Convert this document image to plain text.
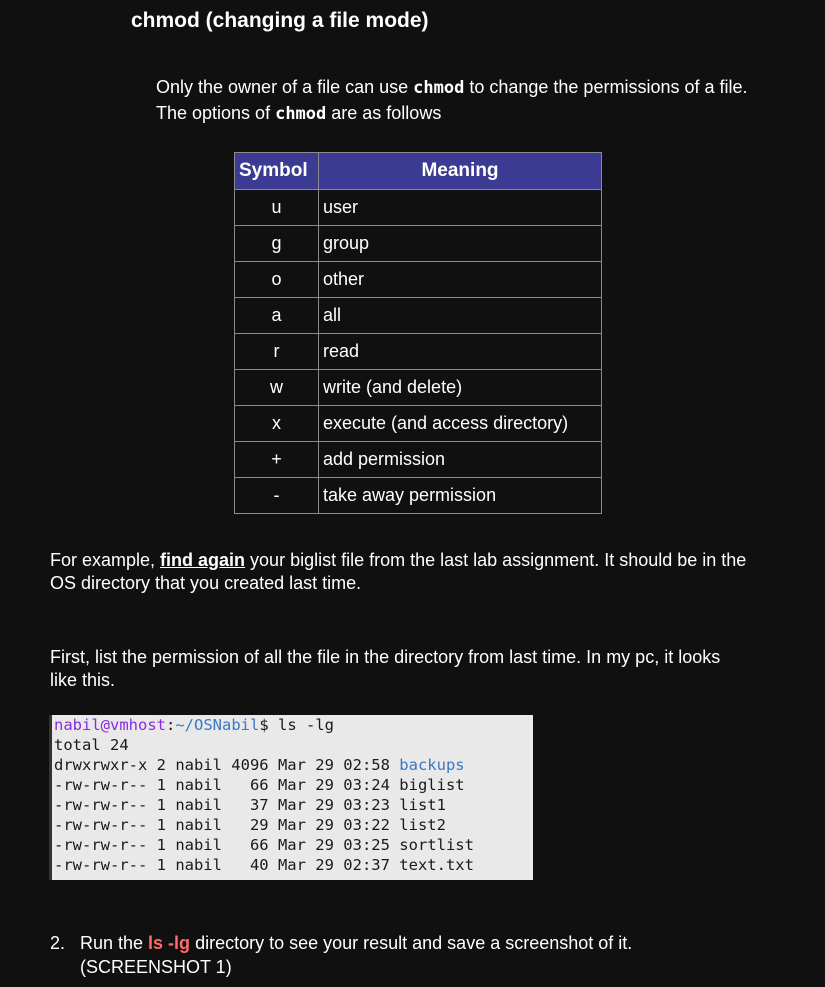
chmod (changing a file mode)
Only the owner of a file can use chmod to change the permissions of a file. The options of chmod are as follows
Symbol	Meaning
u	user
g	group
o	other
a	all
r	read
w	write (and delete)
x	execute (and access directory)
+	add permission
-	take away permission
For example, find again your biglist file from the last lab assignment. It should be in the OS directory that you created last time.
First, list the permission of all the file in the directory from last time. In my pc, it looks like this.
nabil@vmhost:~/OSNabil$ ls -lg
total 24
drwxrwxr-x 2 nabil 4096 Mar 29 02:58 backups
-rw-rw-r-- 1 nabil   66 Mar 29 03:24 biglist
-rw-rw-r-- 1 nabil   37 Mar 29 03:23 list1
-rw-rw-r-- 1 nabil   29 Mar 29 03:22 list2
-rw-rw-r-- 1 nabil   66 Mar 29 03:25 sortlist
-rw-rw-r-- 1 nabil   40 Mar 29 02:37 text.txt
2. Run the ls -lg directory to see your result and save a screenshot of it.
(SCREENSHOT 1)
